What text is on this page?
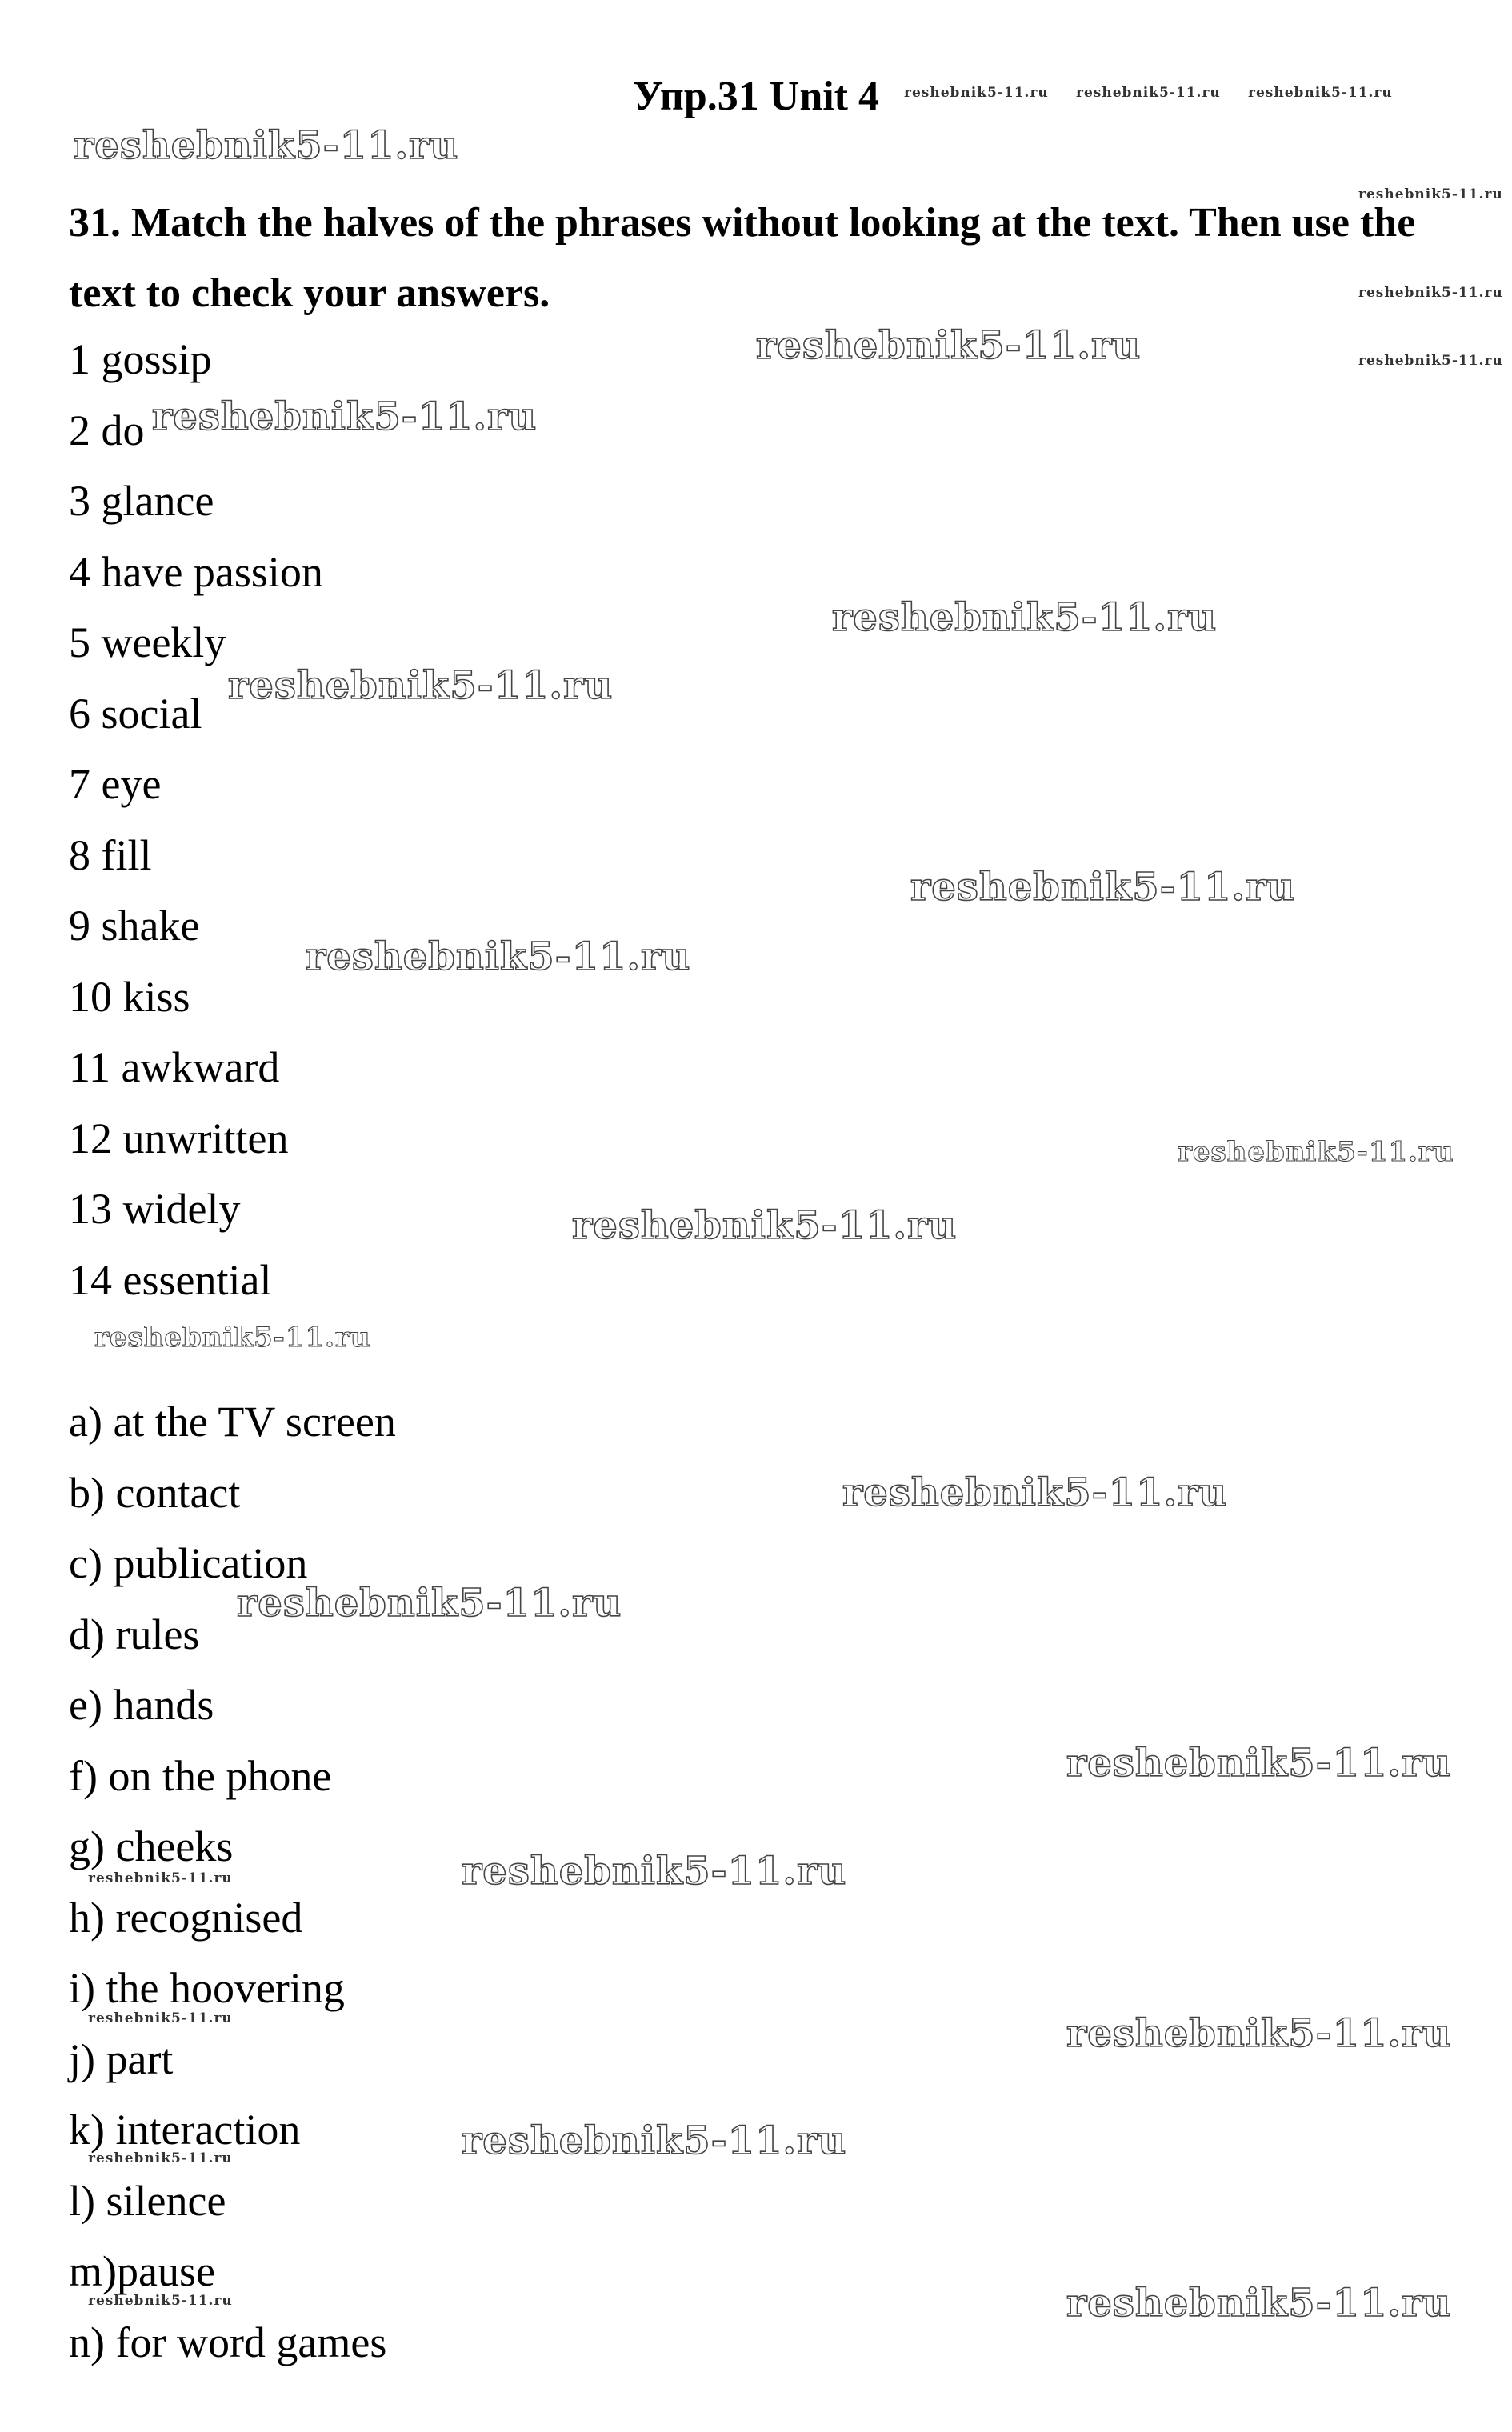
Упр.31 Unit 4
31. Match the halves of the phrases without looking at the text. Then use the text to check your answers.
1 gossip
2 do
3 glance
4 have passion
5 weekly
6 social
7 eye
8 fill
9 shake
10 kiss
11 awkward
12 unwritten
13 widely
14 essential
a) at the TV screen
b) contact
c) publication
d) rules
e) hands
f) on the phone
g) cheeks
h) recognised
i) the hoovering
j) part
k) interaction
l) silence
m)pause
n) for word games
reshebnik5-11.ru
reshebnik5-11.ru reshebnik5-11.ru reshebnik5-11.ru
reshebnik5-11.ru
reshebnik5-11.ru
reshebnik5-11.ru
reshebnik5-11.ru
reshebnik5-11.ru
reshebnik5-11.ru
reshebnik5-11.ru
reshebnik5-11.ru
reshebnik5-11.ru
reshebnik5-11.ru
reshebnik5-11.ru
reshebnik5-11.ru
reshebnik5-11.ru
reshebnik5-11.ru
reshebnik5-11.ru
reshebnik5-11.ru
reshebnik5-11.ru
reshebnik5-11.ru	reshebnik5-11.ru
reshebnik5-11.ru
reshebnik5-11.ru
reshebnik5-11.ru	reshebnik5-11.ru
